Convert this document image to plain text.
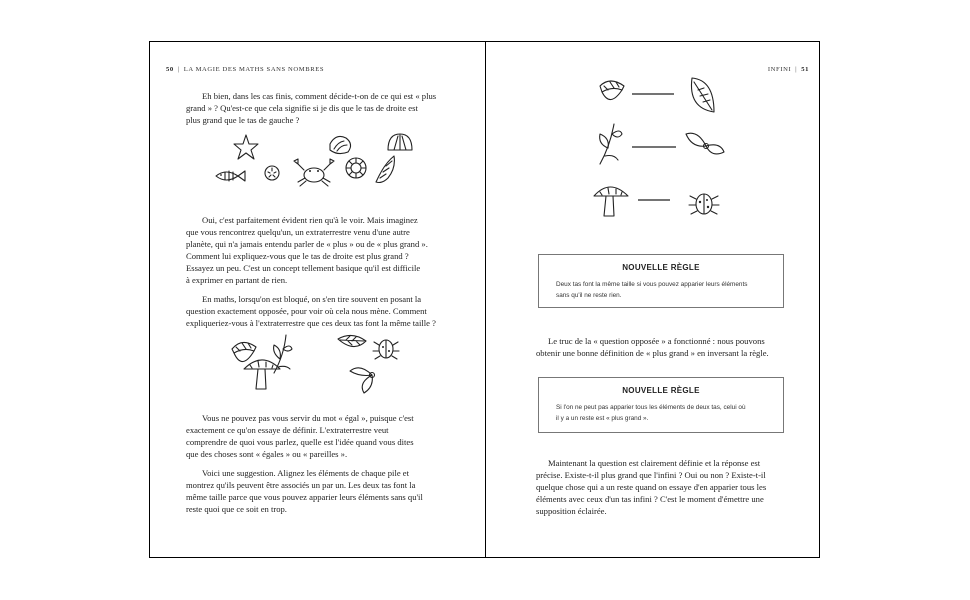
50 | LA MAGIE DES MATHS SANS NOMBRES

Eh bien, dans les cas finis, comment décide-t-on de ce qui est « plus
grand » ? Qu'est-ce que cela signifie si je dis que le tas de droite est
plus grand que le tas de gauche ?

Oui, c'est parfaitement évident rien qu'à le voir. Mais imaginez
que vous rencontrez quelqu'un, un extraterrestre venu d'une autre
planète, qui n'a jamais entendu parler de « plus » ou de « plus grand ».
Comment lui expliquez-vous que le tas de droite est plus grand ?
Essayez un peu. C'est un concept tellement basique qu'il est difficile
à exprimer en partant de rien.

En maths, lorsqu'on est bloqué, on s'en tire souvent en posant la
question exactement opposée, pour voir où cela nous mène. Comment
expliqueriez-vous à l'extraterrestre que ces deux tas font la même taille ?

Vous ne pouvez pas vous servir du mot « égal », puisque c'est
exactement ce qu'on essaye de définir. L'extraterrestre veut
comprendre de quoi vous parlez, quelle est l'idée quand vous dites
que des choses sont « égales » ou « pareilles ».

Voici une suggestion. Alignez les éléments de chaque pile et
montrez qu'ils peuvent être associés un par un. Les deux tas font la
même taille parce que vous pouvez apparier leurs éléments sans qu'il
reste quoi que ce soit en trop.

INFINI | 51
NOUVELLE RÈGLE
Deux tas font la même taille si vous pouvez apparier leurs éléments
sans qu'il ne reste rien.

Le truc de la « question opposée » a fonctionné : nous pouvons
obtenir une bonne définition de « plus grand » en inversant la règle.

NOUVELLE RÈGLE
Si l'on ne peut pas apparier tous les éléments de deux tas, celui où
il y a un reste est « plus grand ».

Maintenant la question est clairement définie et la réponse est
précise. Existe-t-il plus grand que l'infini ? Oui ou non ? Existe-t-il
quelque chose qui a un reste quand on essaye d'en apparier tous les
éléments avec ceux d'un tas infini ? C'est le moment d'émettre une
supposition éclairée.
